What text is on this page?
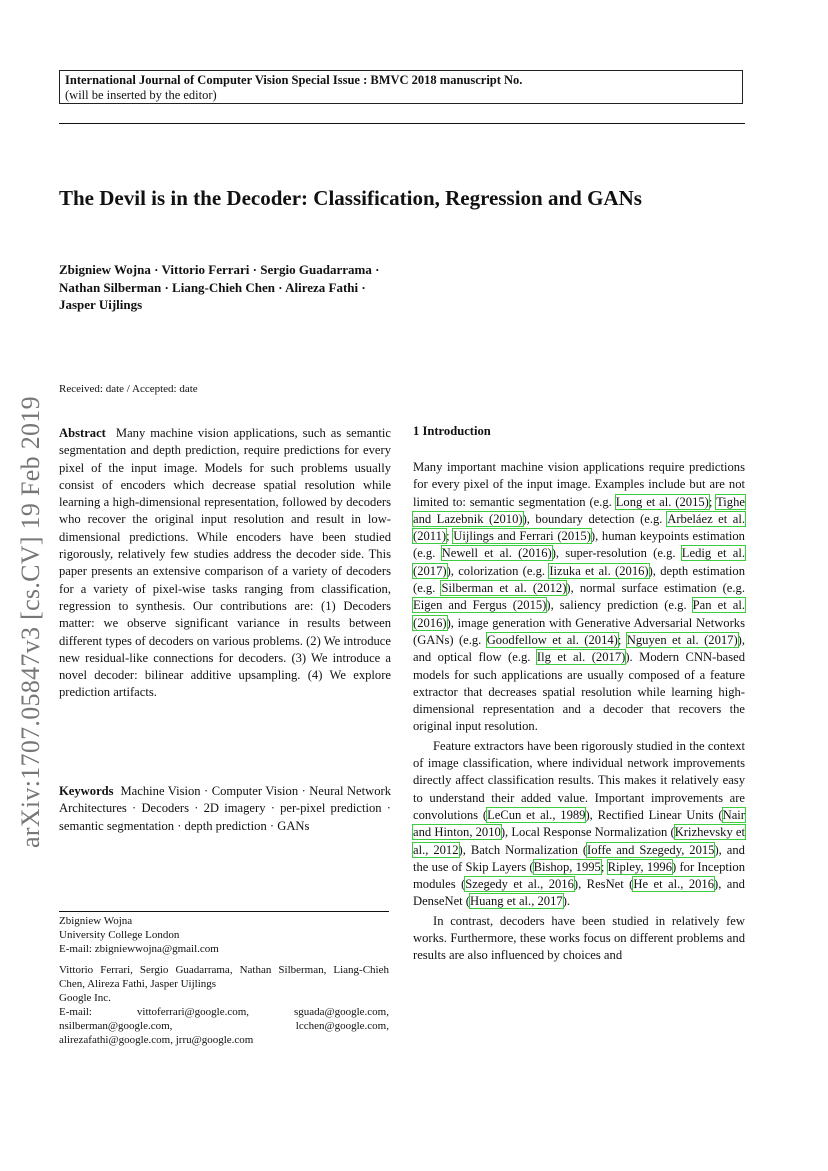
International Journal of Computer Vision Special Issue : BMVC 2018 manuscript No.
(will be inserted by the editor)
The Devil is in the Decoder: Classification, Regression and GANs
Zbigniew Wojna · Vittorio Ferrari · Sergio Guadarrama ·
Nathan Silberman · Liang-Chieh Chen · Alireza Fathi ·
Jasper Uijlings
arXiv:1707.05847v3 [cs.CV] 19 Feb 2019
Received: date / Accepted: date

Abstract Many machine vision applications, such as semantic segmentation and depth prediction, require predictions for every pixel of the input image. Models for such problems usually consist of encoders which decrease spatial resolution while learning a high-dimensional representation, followed by decoders who recover the original input resolution and result in low-dimensional predictions. While encoders have been studied rigorously, relatively few studies address the decoder side. This paper presents an extensive comparison of a variety of decoders for a variety of pixel-wise tasks ranging from classification, regression to synthesis. Our contributions are: (1) Decoders matter: we observe significant variance in results between different types of decoders on various problems. (2) We introduce new residual-like connections for decoders. (3) We introduce a novel decoder: bilinear additive upsampling. (4) We explore prediction artifacts.

Keywords Machine Vision · Computer Vision · Neural Network Architectures · Decoders · 2D imagery · per-pixel prediction · semantic segmentation · depth prediction · GANs

Zbigniew Wojna
University College London
E-mail: zbigniewwojna@gmail.com
Vittorio Ferrari, Sergio Guadarrama, Nathan Silberman, Liang-Chieh Chen, Alireza Fathi, Jasper Uijlings
Google Inc.
E-mail:	vittoferrari@google.com,	sguada@google.com,
nsilberman@google.com,	lcchen@google.com,
alirezafathi@google.com, jrru@google.com
1 Introduction

Many important machine vision applications require predictions for every pixel of the input image. Examples include but are not limited to: semantic segmentation (e.g. Long et al. (2015); Tighe and Lazebnik (2010)), boundary detection (e.g. Arbeláez et al. (2011); Uijlings and Ferrari (2015)), human keypoints estimation (e.g. Newell et al. (2016)), super-resolution (e.g. Ledig et al. (2017)), colorization (e.g. Iizuka et al. (2016)), depth estimation (e.g. Silberman et al. (2012)), normal surface estimation (e.g. Eigen and Fergus (2015)), saliency prediction (e.g. Pan et al. (2016)), image generation with Generative Adversarial Networks (GANs) (e.g. Goodfellow et al. (2014); Nguyen et al. (2017)), and optical flow (e.g. Ilg et al. (2017)). Modern CNN-based models for such applications are usually composed of a feature extractor that decreases spatial resolution while learning high-dimensional representation and a decoder that recovers the original input resolution.

Feature extractors have been rigorously studied in the context of image classification, where individual network improvements directly affect classification results. This makes it relatively easy to understand their added value. Important improvements are convolutions (LeCun et al., 1989), Rectified Linear Units (Nair and Hinton, 2010), Local Response Normalization (Krizhevsky et al., 2012), Batch Normalization (Ioffe and Szegedy, 2015), and the use of Skip Layers (Bishop, 1995; Ripley, 1996) for Inception modules (Szegedy et al., 2016), ResNet (He et al., 2016), and DenseNet (Huang et al., 2017).

In contrast, decoders have been studied in relatively few works. Furthermore, these works focus on different problems and results are also influenced by choices and
